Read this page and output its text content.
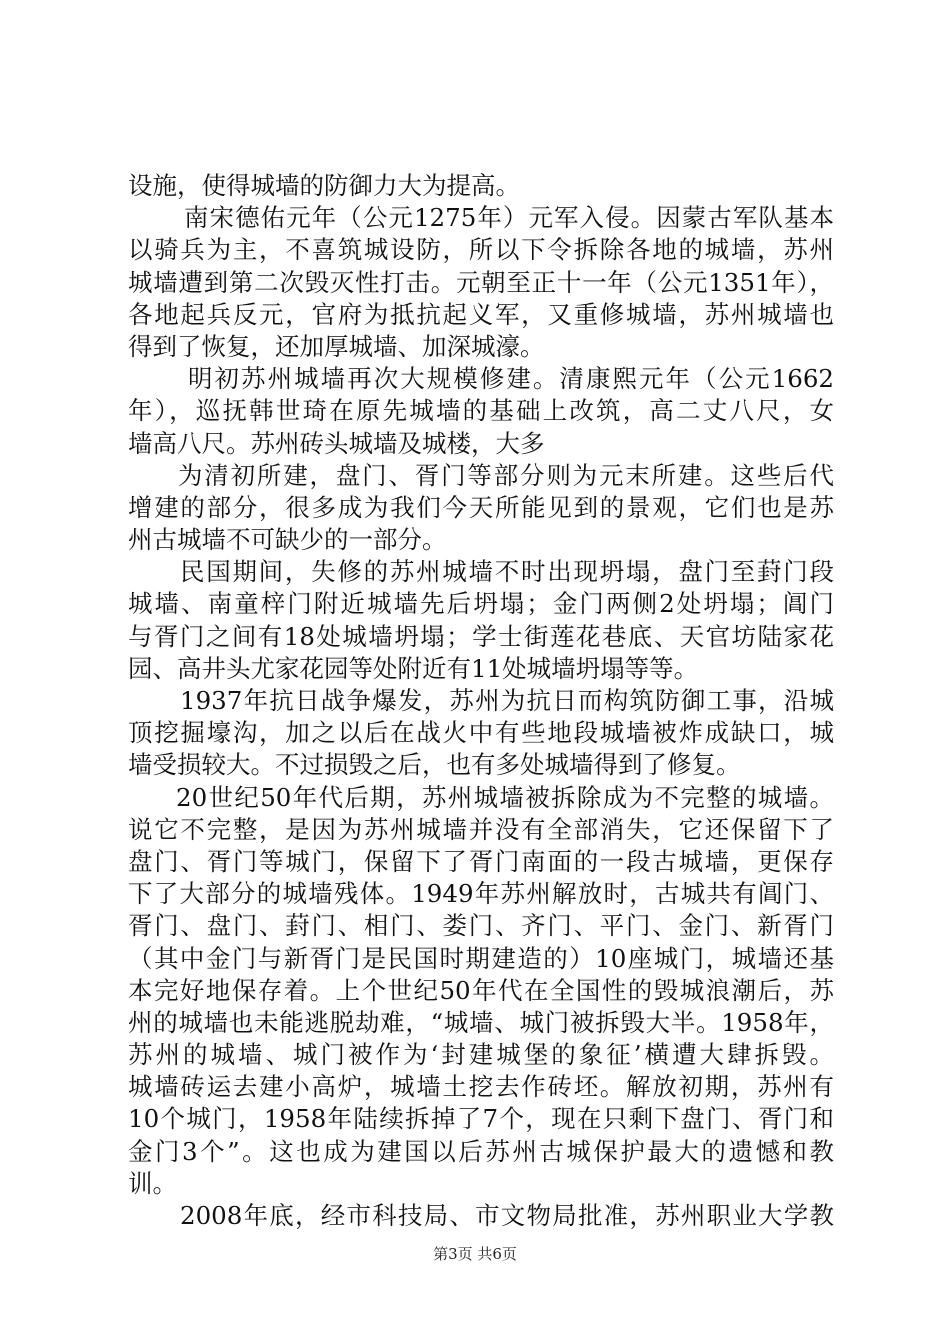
设施，使得城墙的防御力大为提高。
南宋德佑元年（公元1275年）元军入侵。因蒙古军队基本
以骑兵为主，不喜筑城设防，所以下令拆除各地的城墙，苏州
城墙遭到第二次毁灭性打击。元朝至正十一年（公元1351年），
各地起兵反元，官府为抵抗起义军，又重修城墙，苏州城墙也
得到了恢复，还加厚城墙、加深城濠。
明初苏州城墙再次大规模修建。清康熙元年（公元1662
年），巡抚韩世琦在原先城墙的基础上改筑，高二丈八尺，女
墙高八尺。苏州砖头城墙及城楼，大多
为清初所建，盘门、胥门等部分则为元末所建。这些后代
增建的部分，很多成为我们今天所能见到的景观，它们也是苏
州古城墙不可缺少的一部分。
民国期间，失修的苏州城墙不时出现坍塌，盘门至葑门段
城墙、南童梓门附近城墙先后坍塌；金门两侧2处坍塌；阊门
与胥门之间有18处城墙坍塌；学士街莲花巷底、天官坊陆家花
园、高井头尤家花园等处附近有11处城墙坍塌等等。
1937年抗日战争爆发，苏州为抗日而构筑防御工事，沿城
顶挖掘壕沟，加之以后在战火中有些地段城墙被炸成缺口，城
墙受损较大。不过损毁之后，也有多处城墙得到了修复。
20世纪50年代后期，苏州城墙被拆除成为不完整的城墙。
说它不完整，是因为苏州城墙并没有全部消失，它还保留下了
盘门、胥门等城门，保留下了胥门南面的一段古城墙，更保存
下了大部分的城墙残体。1949年苏州解放时，古城共有阊门、
胥门、盘门、葑门、相门、娄门、齐门、平门、金门、新胥门
（其中金门与新胥门是民国时期建造的）10座城门，城墙还基
本完好地保存着。上个世纪50年代在全国性的毁城浪潮后，苏
州的城墙也未能逃脱劫难，“城墙、城门被拆毁大半。1958年，
苏州的城墙、城门被作为‘封建城堡的象征’横遭大肆拆毁。
城墙砖运去建小高炉，城墙土挖去作砖坯。解放初期，苏州有
10个城门，1958年陆续拆掉了7个，现在只剩下盘门、胥门和
金门3个”。这也成为建国以后苏州古城保护最大的遗憾和教
训。
2008年底，经市科技局、市文物局批准，苏州职业大学教
第3页 共6页
